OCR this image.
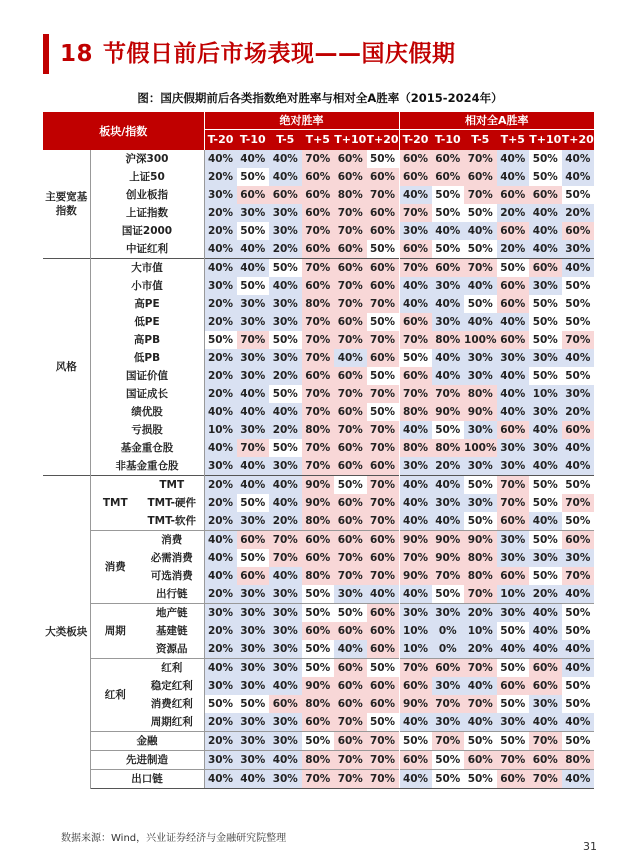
18 节假日前后市场表现——国庆假期
图：国庆假期前后各类指数绝对胜率与相对全A胜率（2015-2024年）
板块/指数			绝对胜率						相对全A胜率					
			T-20	T-10	T-5	T+5	T+10	T+20	T-20	T-10	T-5	T+5	T+10	T+20
主要宽基指数	沪深300		40%	40%	40%	70%	60%	50%	60%	60%	70%	40%	50%	40%
	上证50		20%	50%	40%	60%	60%	60%	60%	60%	60%	40%	50%	40%
	创业板指		30%	60%	60%	60%	80%	70%	40%	50%	70%	60%	60%	50%
	上证指数		20%	30%	30%	60%	70%	60%	70%	50%	50%	20%	40%	20%
	国证2000		20%	50%	30%	70%	70%	60%	30%	40%	40%	60%	40%	60%
	中证红利		40%	40%	20%	60%	60%	50%	60%	50%	50%	20%	40%	30%
风格	大市值		40%	40%	50%	70%	60%	60%	70%	60%	70%	50%	60%	40%
	小市值		30%	50%	40%	60%	70%	60%	40%	30%	40%	60%	30%	50%
	高PE		20%	30%	30%	80%	70%	70%	40%	40%	50%	60%	50%	50%
	低PE		20%	30%	30%	70%	60%	50%	60%	30%	40%	40%	50%	50%
	高PB		50%	70%	50%	70%	70%	70%	70%	80%	100%	60%	50%	70%
	低PB		20%	30%	30%	70%	40%	60%	50%	40%	30%	30%	30%	40%
	国证价值		20%	30%	20%	60%	60%	50%	60%	40%	30%	40%	50%	50%
	国证成长		20%	40%	50%	70%	70%	70%	70%	70%	80%	40%	10%	30%
	绩优股		40%	40%	40%	70%	60%	50%	80%	90%	90%	40%	30%	20%
	亏损股		10%	30%	20%	80%	70%	70%	40%	50%	30%	60%	40%	60%
	基金重仓股		40%	70%	50%	70%	60%	70%	80%	80%	100%	30%	30%	40%
	非基金重仓股		30%	40%	30%	70%	60%	60%	30%	20%	30%	30%	40%	40%
大类板块	TMT	TMT	20%	40%	40%	90%	50%	70%	40%	40%	50%	70%	50%	50%
		TMT-硬件	20%	50%	40%	90%	60%	70%	40%	30%	30%	70%	50%	70%
		TMT-软件	20%	30%	20%	80%	60%	70%	40%	40%	50%	60%	40%	50%
	消费	消费	40%	60%	70%	60%	60%	60%	90%	90%	90%	30%	50%	60%
		必需消费	40%	50%	70%	60%	70%	60%	70%	90%	80%	30%	30%	30%
		可选消费	40%	60%	40%	80%	70%	70%	90%	70%	80%	60%	50%	70%
		出行链	20%	30%	30%	50%	30%	40%	40%	50%	70%	10%	20%	40%
	周期	地产链	30%	30%	30%	50%	50%	60%	30%	30%	20%	30%	40%	50%
		基建链	20%	30%	30%	60%	60%	60%	10%	0%	10%	50%	40%	50%
		资源品	20%	30%	30%	50%	40%	60%	10%	0%	20%	40%	40%	40%
	红利	红利	40%	30%	30%	50%	60%	50%	70%	60%	70%	50%	60%	40%
		稳定红利	30%	30%	40%	90%	60%	60%	60%	30%	40%	60%	60%	50%
		消费红利	50%	50%	60%	80%	60%	60%	90%	70%	70%	50%	30%	50%
		周期红利	20%	30%	30%	60%	70%	50%	40%	30%	40%	30%	40%	40%
	金融		20%	30%	30%	50%	60%	70%	50%	70%	50%	50%	70%	50%
	先进制造		30%	30%	40%	80%	70%	70%	60%	50%	60%	70%	60%	80%
	出口链		40%	40%	30%	70%	70%	70%	40%	50%	50%	60%	70%	40%
数据来源：Wind，兴业证券经济与金融研究院整理
31
